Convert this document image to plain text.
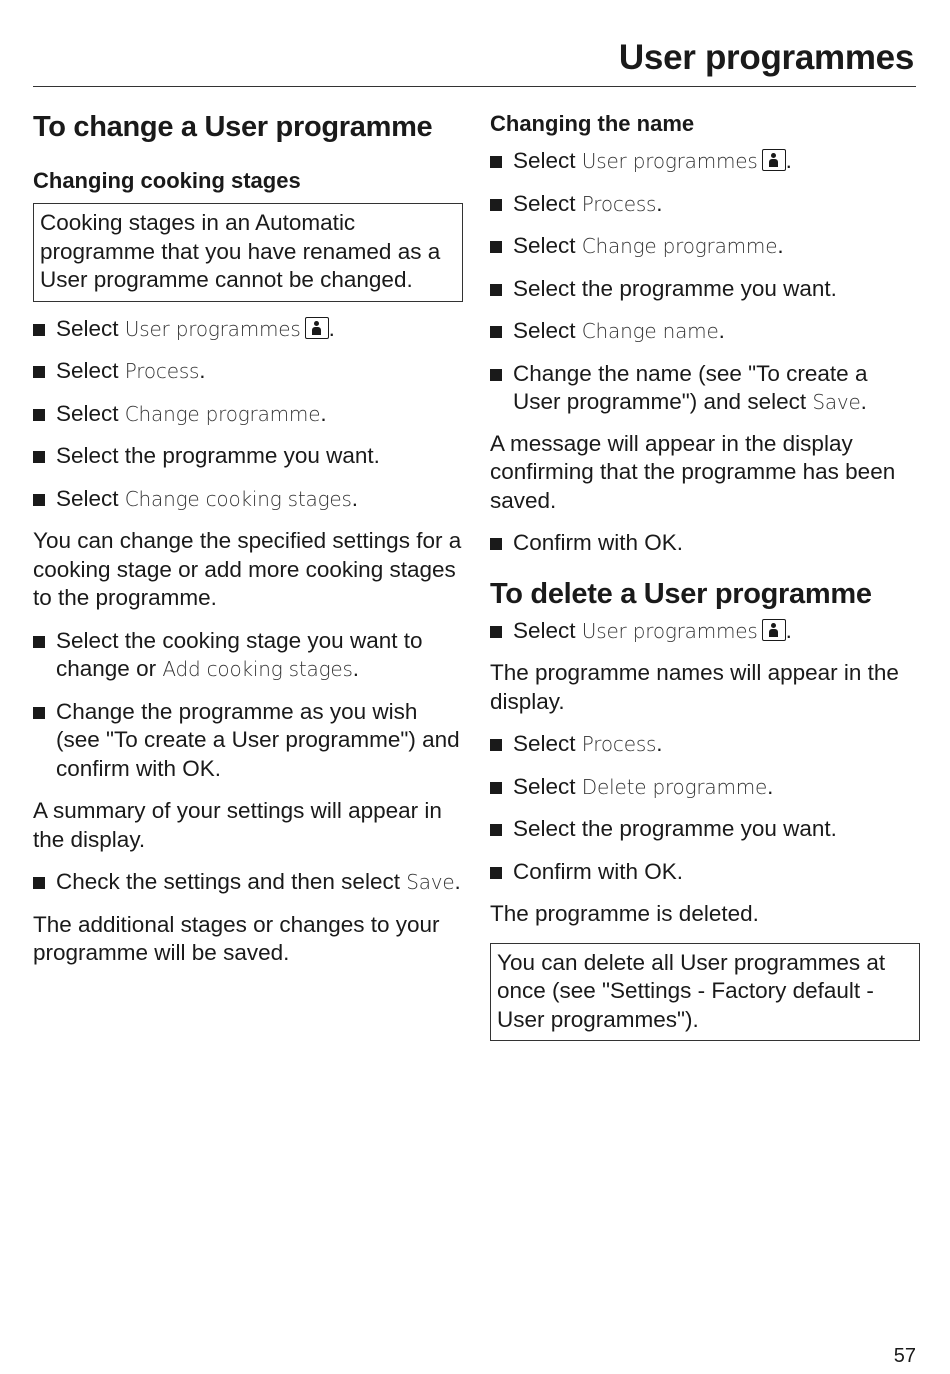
User programmes
To change a User programme
Changing cooking stages
Cooking stages in an Automatic programme that you have renamed as a User programme cannot be changed.
Select User programmes .
Select Process.
Select Change programme.
Select the programme you want.
Select Change cooking stages.

You can change the specified settings for a cooking stage or add more cooking stages to the programme.

Select the cooking stage you want to change or Add cooking stages.
Change the programme as you wish (see "To create a User programme") and confirm with OK.

A summary of your settings will appear in the display.

Check the settings and then select Save.

The additional stages or changes to your programme will be saved.

Changing the name
Select User programmes .
Select Process.
Select Change programme.
Select the programme you want.
Select Change name.
Change the name (see "To create a User programme") and select Save.

A message will appear in the display confirming that the programme has been saved.

Confirm with OK.
To delete a User programme
Select User programmes .

The programme names will appear in the display.

Select Process.
Select Delete programme.
Select the programme you want.
Confirm with OK.

The programme is deleted.

You can delete all User programmes at once (see "Settings - Factory default - User programmes").
57
